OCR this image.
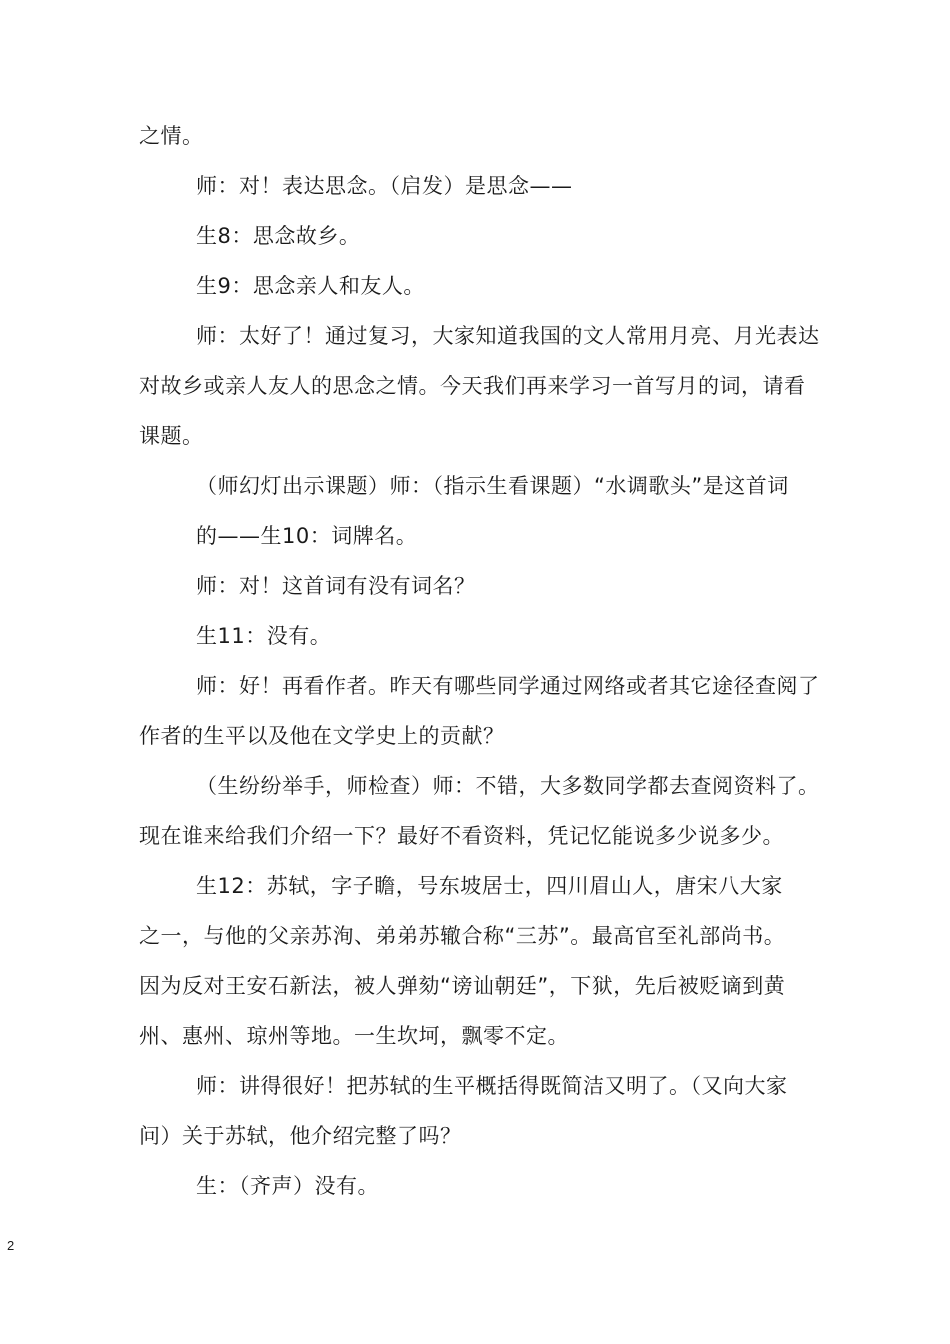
之情。
师：对！表达思念。（启发）是思念——
生8：思念故乡。
生9：思念亲人和友人。
师：太好了！通过复习，大家知道我国的文人常用月亮、月光表达
对故乡或亲人友人的思念之情。今天我们再来学习一首写月的词，请看
课题。
（师幻灯出示课题）师：（指示生看课题）“水调歌头”是这首词
的——生10：词牌名。
师：对！这首词有没有词名？
生11：没有。
师：好！再看作者。昨天有哪些同学通过网络或者其它途径查阅了
作者的生平以及他在文学史上的贡献？
（生纷纷举手，师检查）师：不错，大多数同学都去查阅资料了。
现在谁来给我们介绍一下？最好不看资料，凭记忆能说多少说多少。
生12：苏轼，字子瞻，号东坡居士，四川眉山人，唐宋八大家
之一，与他的父亲苏洵、弟弟苏辙合称“三苏”。最高官至礼部尚书。
因为反对王安石新法，被人弹劾“谤讪朝廷”，下狱，先后被贬谪到黄
州、惠州、琼州等地。一生坎坷，飘零不定。
师：讲得很好！把苏轼的生平概括得既简洁又明了。（又向大家
问）关于苏轼，他介绍完整了吗？
生：（齐声）没有。
2
